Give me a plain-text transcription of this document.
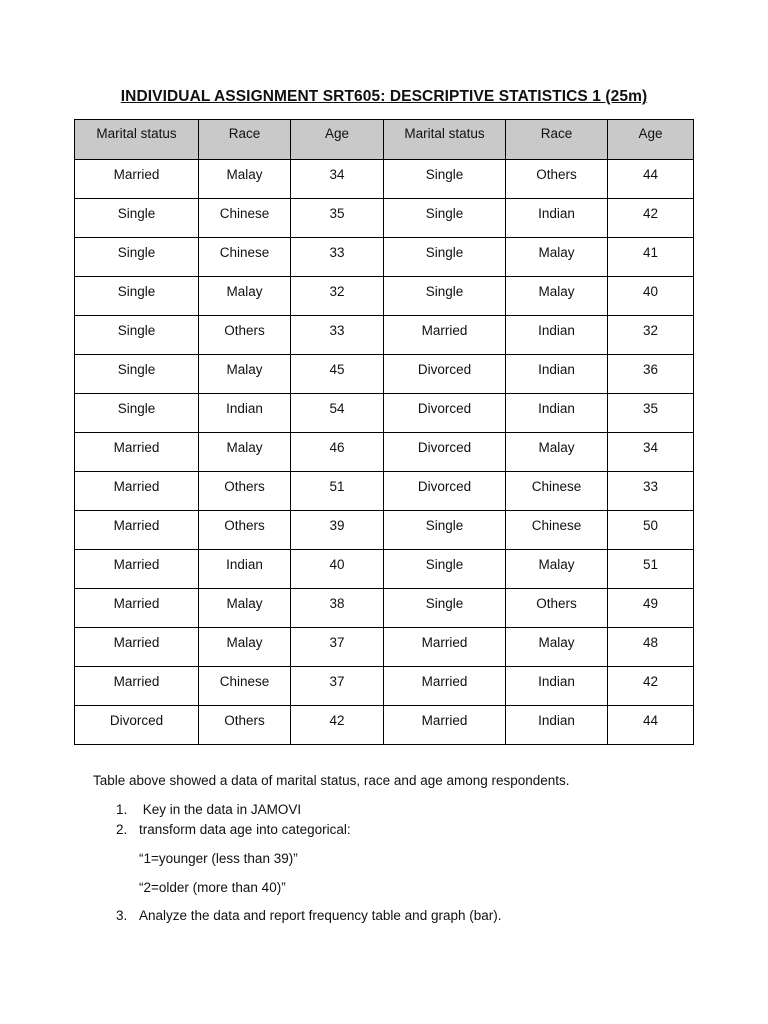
INDIVIDUAL ASSIGNMENT SRT605: DESCRIPTIVE STATISTICS 1 (25m)
Marital status	Race	Age	Marital status	Race	Age
Married	Malay	34	Single	Others	44
Single	Chinese	35	Single	Indian	42
Single	Chinese	33	Single	Malay	41
Single	Malay	32	Single	Malay	40
Single	Others	33	Married	Indian	32
Single	Malay	45	Divorced	Indian	36
Single	Indian	54	Divorced	Indian	35
Married	Malay	46	Divorced	Malay	34
Married	Others	51	Divorced	Chinese	33
Married	Others	39	Single	Chinese	50
Married	Indian	40	Single	Malay	51
Married	Malay	38	Single	Others	49
Married	Malay	37	Married	Malay	48
Married	Chinese	37	Married	Indian	42
Divorced	Others	42	Married	Indian	44
Table above showed a data of marital status, race and age among respondents.
1. Key in the data in JAMOVI
2. transform data age into categorical:
“1=younger (less than 39)”
“2=older (more than 40)”
3. Analyze the data and report frequency table and graph (bar).
